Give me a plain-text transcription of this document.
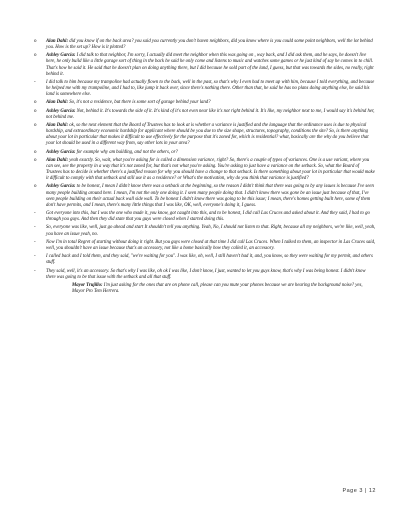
o	Alan Dahl: did you know if on the back area? you said you currently you don't haven neighbors, did you know where is you could some point neighbors, well the lot behind you. How is the set up? How is it plotted?
o	Ashley Garcia: I did talk to that neighbor, I'm sorry, I actually did meet the neighbor when this was going on , way back, and I did ask them, and he says, he doesn't live here, he only build like a little garage sort of thing in the back he said he only come and listens to music and watches some games or he just kind of say he comes in to chill. That's how he said it. He said that he doesn't plan on doing anything there, but I did because he sold part of the land, I guess, but that was towards the sides, no really, right behind it.
-	I did talk to him because my trampoline had actually flown to the back, well in the past, so that's why I even had to meet up with him, because I told everything, and because he helped me with my trampoline, and I had to, like jump it back over, since there's nothing there. Other than that, he said he has no plans doing anything else, he said his land is somewhere else.
o	Alan Dahl: So, it's not a residence, but there is some sort of garage behind your land?
o	Ashley Garcia: Not, behind it. It's towards the side of it. It's kind of it's not even near like it's not right behind it. It's like, my neighbor next to me, I would say it's behind her, not behind me.
o	Alan Dahl: ok, so the next element that the Board of Trustees has to look at is whether a variance is justified and the language that the ordinance uses is due to physical hardship, and extraordinary economic hardship for applicant where should be you due to the size shape, structures, topography, conditions the site? So, is there anything about your lot in particular that makes it difficult to use effectively for the purpose that it's zoned for, which is residential? what, basically are the why do you believe that your lot should be used in a different way from, say other lots in your area?
o	Ashley Garcia: for example why am building, and not the others, or?
o	Alan Dahl: yeah exactly. So, wait, what you're asking for is called a dimension variance, right? So, there's a couple of types of variances. One is a use variant, where you can see, see the property in a way that it's not zoned for, but that's not what you're asking. You're asking to just have a variance on the setback. So, what the Board of Trustees has to decide is whether there's a justified reason for why you should have a change to that setback. Is there something about your lot in particular that would make it difficult to comply with that setback and still use it as a residence? or What's the motivation, why do you think that variance is justified?
o	Ashley Garcia: to be honest, I mean I didn't know there was a setback at the beginning, so the reason I didn't think that there was going to by any issues is because I've seen many people building around here. I mean, I'm not the only one doing it. I seen many people doing that. I didn't know there was gone be an issue just because of that, I've seen people building on their actual back wall side wall. To be honest I didn't know there was going to be this issue; I mean, there's homes getting built here, some of them don't have permits, and I mean, there's many little things that I was like, OK, well, everyone's doing it, I guess.
-	Got everyone into this, but I was the one who made it, you know, got caught into this, and to be honest, I did call Las Cruces and asked about it. And they said, I had to go through you guys. And then they did state that you guys were closed when I started doing this.
-	So, everyone was like, well, just go ahead and start It shouldn't tell you anything. Yeah, No, I should not listen to that. Right, because all my neighbors, we're like, well, yeah, you have an issue yeah, no.
-	Now I'm in total Regret of starting without doing it right. But you guys were closed at that time I did call Las Cruces. When I talked to them, an inspector in Las Cruces said, well, you shouldn't have an issue because that's an accessory, not like a home basically how they called it, an accessory.
-	I called back and I told them, and they said, "we're waiting for you". I was like, oh, well, I still haven't had it, and, you know, so they were waiting for my permit, and others stuff.
-	They said, well, it's an accessory. So that's why I was like, oh ok I was like, I don't know, I just, wanted to let you guys know, that's why I was being honest. I didn't know there was going to be that issue with the setback and all that stuff.
Mayor Trujillo: I'm just asking for the ones that are on phone call, please can you mute your phones because we are hearing the background noise? yes, Mayor Pro Tem Herrera.
Page 3 | 12
